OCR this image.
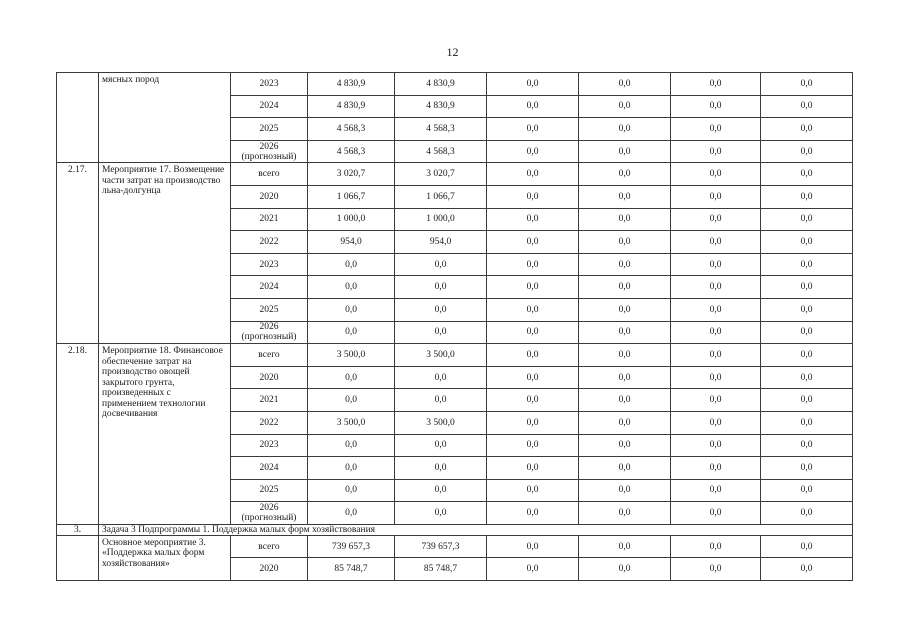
12
	мясных пород	2023	4 830,9	4 830,9	0,0	0,0	0,0	0,0
		2024	4 830,9	4 830,9	0,0	0,0	0,0	0,0
		2025	4 568,3	4 568,3	0,0	0,0	0,0	0,0
		2026 (прогнозный)	4 568,3	4 568,3	0,0	0,0	0,0	0,0
2.17.	Мероприятие 17. Возмещение части затрат на производство льна-долгунца	всего	3 020,7	3 020,7	0,0	0,0	0,0	0,0
		2020	1 066,7	1 066,7	0,0	0,0	0,0	0,0
		2021	1 000,0	1 000,0	0,0	0,0	0,0	0,0
		2022	954,0	954,0	0,0	0,0	0,0	0,0
		2023	0,0	0,0	0,0	0,0	0,0	0,0
		2024	0,0	0,0	0,0	0,0	0,0	0,0
		2025	0,0	0,0	0,0	0,0	0,0	0,0
		2026 (прогнозный)	0,0	0,0	0,0	0,0	0,0	0,0
2.18.	Мероприятие 18. Финансовое обеспечение затрат на производство овощей закрытого грунта, произведенных с применением технологии досвечивания	всего	3 500,0	3 500,0	0,0	0,0	0,0	0,0
		2020	0,0	0,0	0,0	0,0	0,0	0,0
		2021	0,0	0,0	0,0	0,0	0,0	0,0
		2022	3 500,0	3 500,0	0,0	0,0	0,0	0,0
		2023	0,0	0,0	0,0	0,0	0,0	0,0
		2024	0,0	0,0	0,0	0,0	0,0	0,0
		2025	0,0	0,0	0,0	0,0	0,0	0,0
		2026 (прогнозный)	0,0	0,0	0,0	0,0	0,0	0,0
3.	Задача 3 Подпрограммы 1. Поддержка малых форм хозяйствования							
	Основное мероприятие 3. «Поддержка малых форм хозяйствования»	всего	739 657,3	739 657,3	0,0	0,0	0,0	0,0
		2020	85 748,7	85 748,7	0,0	0,0	0,0	0,0
